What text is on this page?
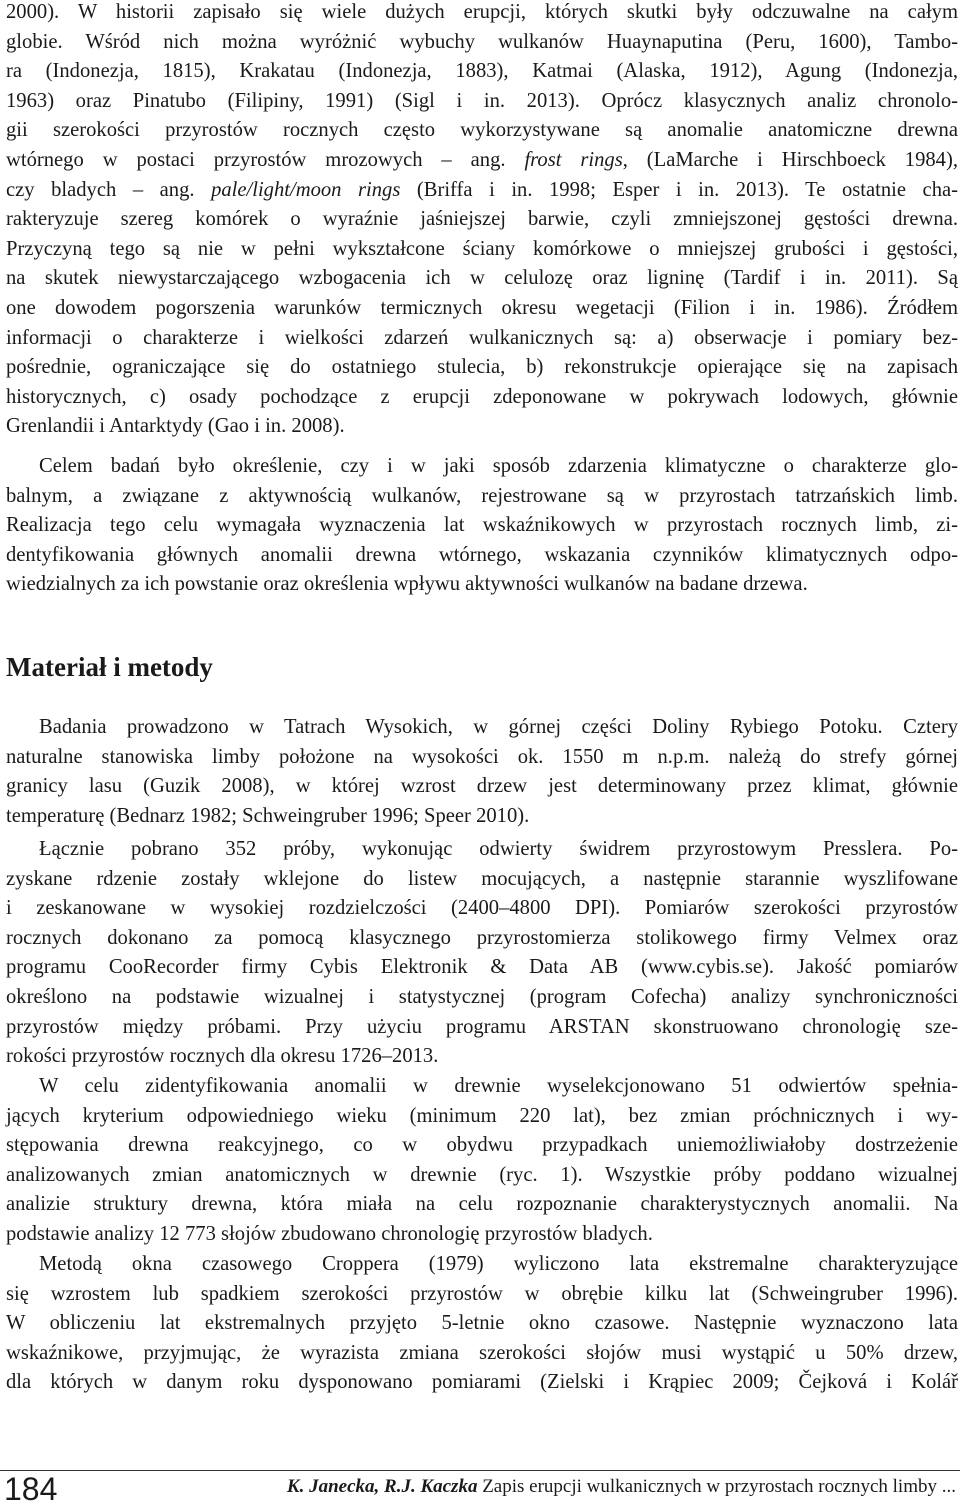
2000). W historii zapisało się wiele dużych erupcji, których skutki były odczuwalne na całym
globie. Wśród nich można wyróżnić wybuchy wulkanów Huaynaputina (Peru, 1600), Tambo-
ra (Indonezja, 1815), Krakatau (Indonezja, 1883), Katmai (Alaska, 1912), Agung (Indonezja,
1963) oraz Pinatubo (Filipiny, 1991) (Sigl i in. 2013). Oprócz klasycznych analiz chronolo-
gii szerokości przyrostów rocznych często wykorzystywane są anomalie anatomiczne drewna
wtórnego w postaci przyrostów mrozowych – ang. frost rings, (LaMarche i Hirschboeck 1984),
czy bladych – ang. pale/light/moon rings (Briffa i in. 1998; Esper i in. 2013). Te ostatnie cha-
rakteryzuje szereg komórek o wyraźnie jaśniejszej barwie, czyli zmniejszonej gęstości drewna.
Przyczyną tego są nie w pełni wykształcone ściany komórkowe o mniejszej grubości i gęstości,
na skutek niewystarczającego wzbogacenia ich w celulozę oraz ligninę (Tardif i in. 2011). Są
one dowodem pogorszenia warunków termicznych okresu wegetacji (Filion i in. 1986). Źródłem
informacji o charakterze i wielkości zdarzeń wulkanicznych są: a) obserwacje i pomiary bez-
pośrednie, ograniczające się do ostatniego stulecia, b) rekonstrukcje opierające się na zapisach
historycznych, c) osady pochodzące z erupcji zdeponowane w pokrywach lodowych, głównie
Grenlandii i Antarktydy (Gao i in. 2008).
Celem badań było określenie, czy i w jaki sposób zdarzenia klimatyczne o charakterze glo-
balnym, a związane z aktywnością wulkanów, rejestrowane są w przyrostach tatrzańskich limb.
Realizacja tego celu wymagała wyznaczenia lat wskaźnikowych w przyrostach rocznych limb, zi-
dentyfikowania głównych anomalii drewna wtórnego, wskazania czynników klimatycznych odpo-
wiedzialnych za ich powstanie oraz określenia wpływu aktywności wulkanów na badane drzewa.
Materiał i metody
Badania prowadzono w Tatrach Wysokich, w górnej części Doliny Rybiego Potoku. Cztery
naturalne stanowiska limby położone na wysokości ok. 1550 m n.p.m. należą do strefy górnej
granicy lasu (Guzik 2008), w której wzrost drzew jest determinowany przez klimat, głównie
temperaturę (Bednarz 1982; Schweingruber 1996; Speer 2010).
Łącznie pobrano 352 próby, wykonując odwierty świdrem przyrostowym Presslera. Po-
zyskane rdzenie zostały wklejone do listew mocujących, a następnie starannie wyszlifowane
i zeskanowane w wysokiej rozdzielczości (2400–4800 DPI). Pomiarów szerokości przyrostów
rocznych dokonano za pomocą klasycznego przyrostomierza stolikowego firmy Velmex oraz
programu CooRecorder firmy Cybis Elektronik & Data AB (www.cybis.se). Jakość pomiarów
określono na podstawie wizualnej i statystycznej (program Cofecha) analizy synchroniczności
przyrostów między próbami. Przy użyciu programu ARSTAN skonstruowano chronologię sze-
rokości przyrostów rocznych dla okresu 1726–2013.
W celu zidentyfikowania anomalii w drewnie wyselekcjonowano 51 odwiertów spełnia-
jących kryterium odpowiedniego wieku (minimum 220 lat), bez zmian próchnicznych i wy-
stępowania drewna reakcyjnego, co w obydwu przypadkach uniemożliwiałoby dostrzeżenie
analizowanych zmian anatomicznych w drewnie (ryc. 1). Wszystkie próby poddano wizualnej
analizie struktury drewna, która miała na celu rozpoznanie charakterystycznych anomalii. Na
podstawie analizy 12 773 słojów zbudowano chronologię przyrostów bladych.
Metodą okna czasowego Croppera (1979) wyliczono lata ekstremalne charakteryzujące
się wzrostem lub spadkiem szerokości przyrostów w obrębie kilku lat (Schweingruber 1996).
W obliczeniu lat ekstremalnych przyjęto 5-letnie okno czasowe. Następnie wyznaczono lata
wskaźnikowe, przyjmując, że wyrazista zmiana szerokości słojów musi wystąpić u 50% drzew,
dla których w danym roku dysponowano pomiarami (Zielski i Krąpiec 2009; Čejková i Kolář
184	K. Janecka, R.J. Kaczka Zapis erupcji wulkanicznych w przyrostach rocznych limby ...
